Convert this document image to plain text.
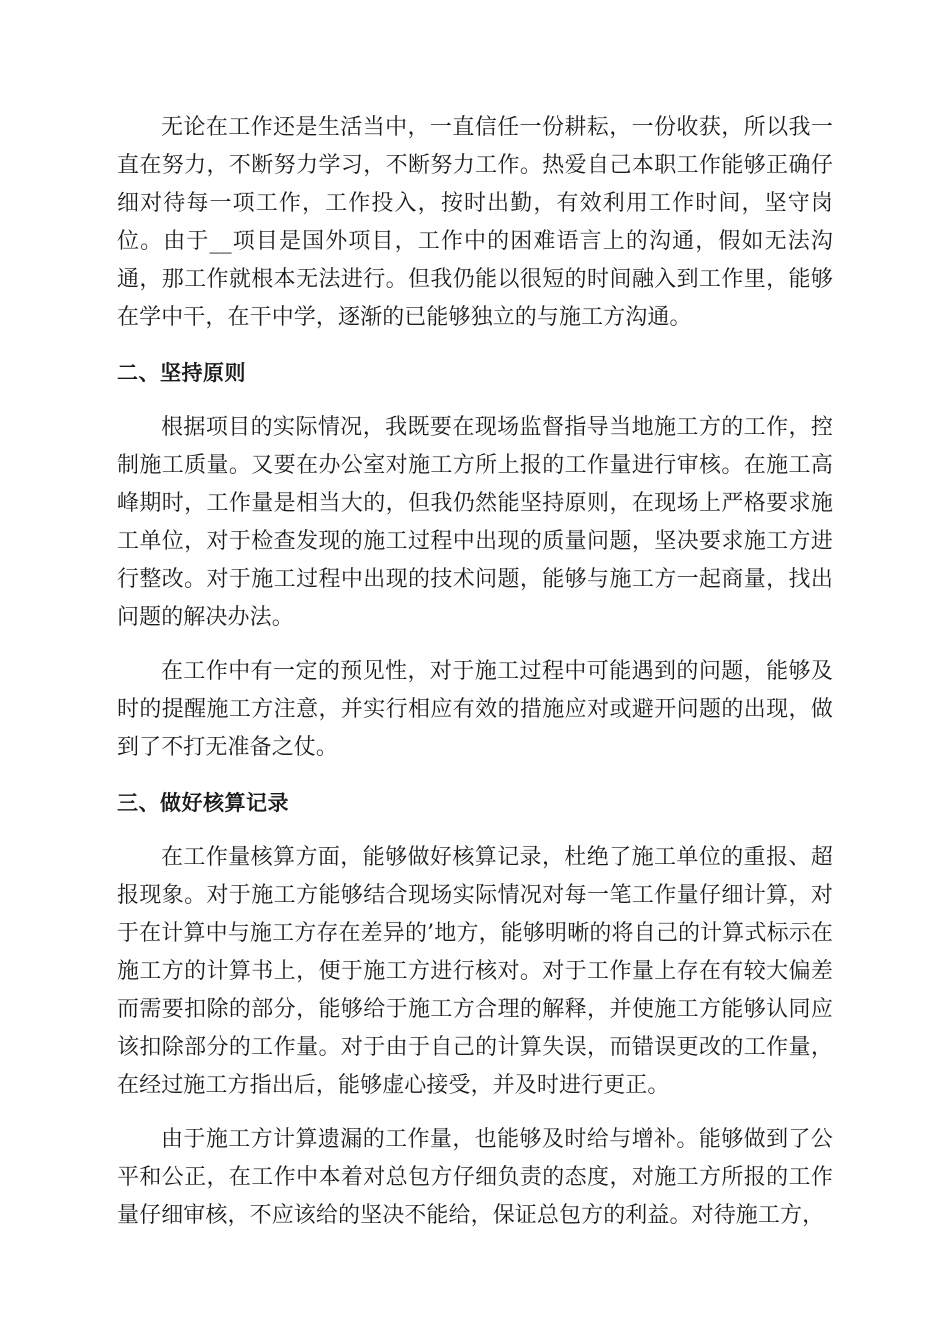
无论在工作还是生活当中，一直信任一份耕耘，一份收获，所以我一直在努力，不断努力学习，不断努力工作。热爱自己本职工作能够正确仔细对待每一项工作，工作投入，按时出勤，有效利用工作时间，坚守岗位。由于__项目是国外项目，工作中的困难语言上的沟通，假如无法沟通，那工作就根本无法进行。但我仍能以很短的时间融入到工作里，能够在学中干，在干中学，逐渐的已能够独立的与施工方沟通。

二、坚持原则

根据项目的实际情况，我既要在现场监督指导当地施工方的工作，控制施工质量。又要在办公室对施工方所上报的工作量进行审核。在施工高峰期时，工作量是相当大的，但我仍然能坚持原则，在现场上严格要求施工单位，对于检查发现的施工过程中出现的质量问题，坚决要求施工方进行整改。对于施工过程中出现的技术问题，能够与施工方一起商量，找出问题的解决办法。

在工作中有一定的预见性，对于施工过程中可能遇到的问题，能够及时的提醒施工方注意，并实行相应有效的措施应对或避开问题的出现，做到了不打无准备之仗。

三、做好核算记录

在工作量核算方面，能够做好核算记录，杜绝了施工单位的重报、超报现象。对于施工方能够结合现场实际情况对每一笔工作量仔细计算，对于在计算中与施工方存在差异的’地方，能够明晰的将自己的计算式标示在施工方的计算书上，便于施工方进行核对。对于工作量上存在有较大偏差而需要扣除的部分，能够给于施工方合理的解释，并使施工方能够认同应该扣除部分的工作量。对于由于自己的计算失误，而错误更改的工作量，在经过施工方指出后，能够虚心接受，并及时进行更正。

由于施工方计算遗漏的工作量，也能够及时给与增补。能够做到了公平和公正，在工作中本着对总包方仔细负责的态度，对施工方所报的工作量仔细审核，不应该给的坚决不能给，保证总包方的利益。对待施工方，
